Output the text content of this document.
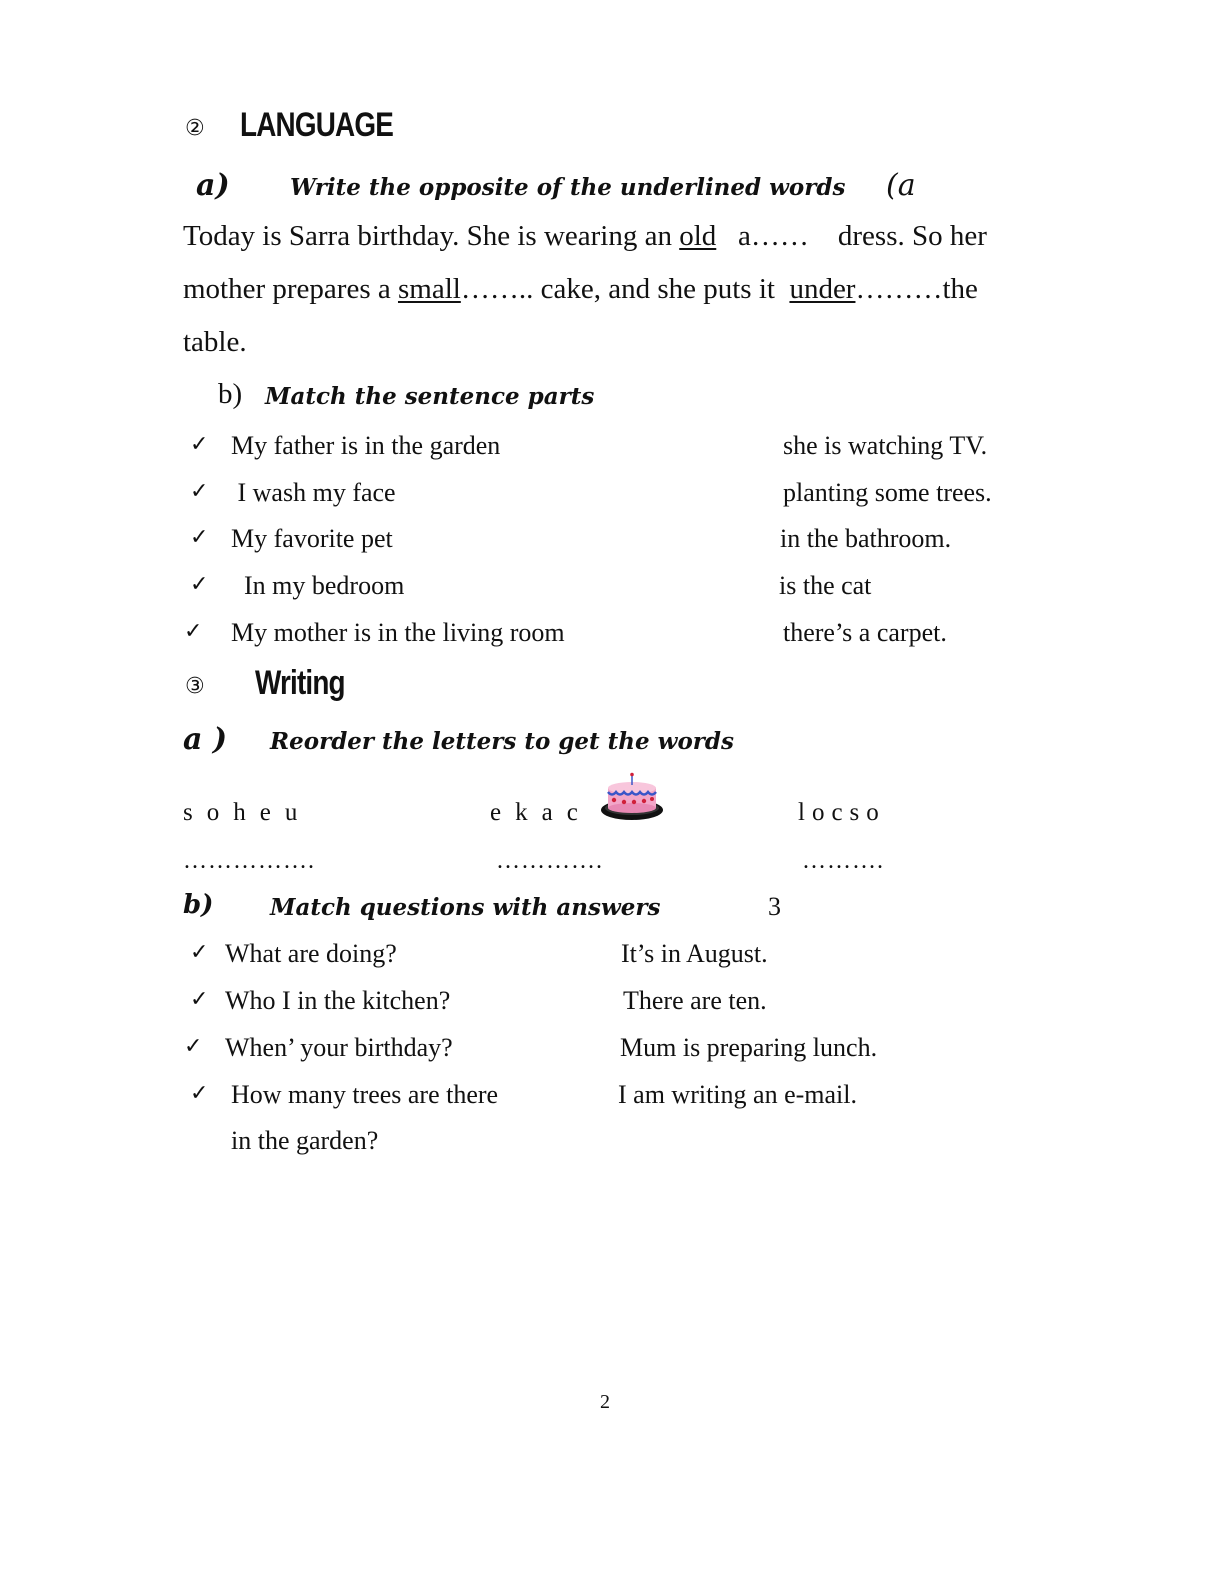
② LANGUAGE
a)	Write the opposite of the underlined words (a
Today is Sarra birthday. She is wearing an old   a……    dress. So her
mother prepares a small…….. cake, and she puts it  under………the
table.
b) Match the sentence parts
✓ My father is in the garden	she is watching TV.
✓ I wash my face	planting some trees.
✓ My favorite pet	in the bathroom.
✓ In my bedroom	is the cat
✓ My mother is in the living room	there’s a carpet.
③ Writing
a ) Reorder the letters to get the words
soheu	ekac	locso
…………….	………….	……….
b) Match questions with answers	3
✓ What are doing?	It’s in August.
✓ Who I in the kitchen?	There are ten.
✓ When’ your birthday?	Mum is preparing lunch.
✓ How many trees are there	I am writing an e-mail.
in the garden?
2
